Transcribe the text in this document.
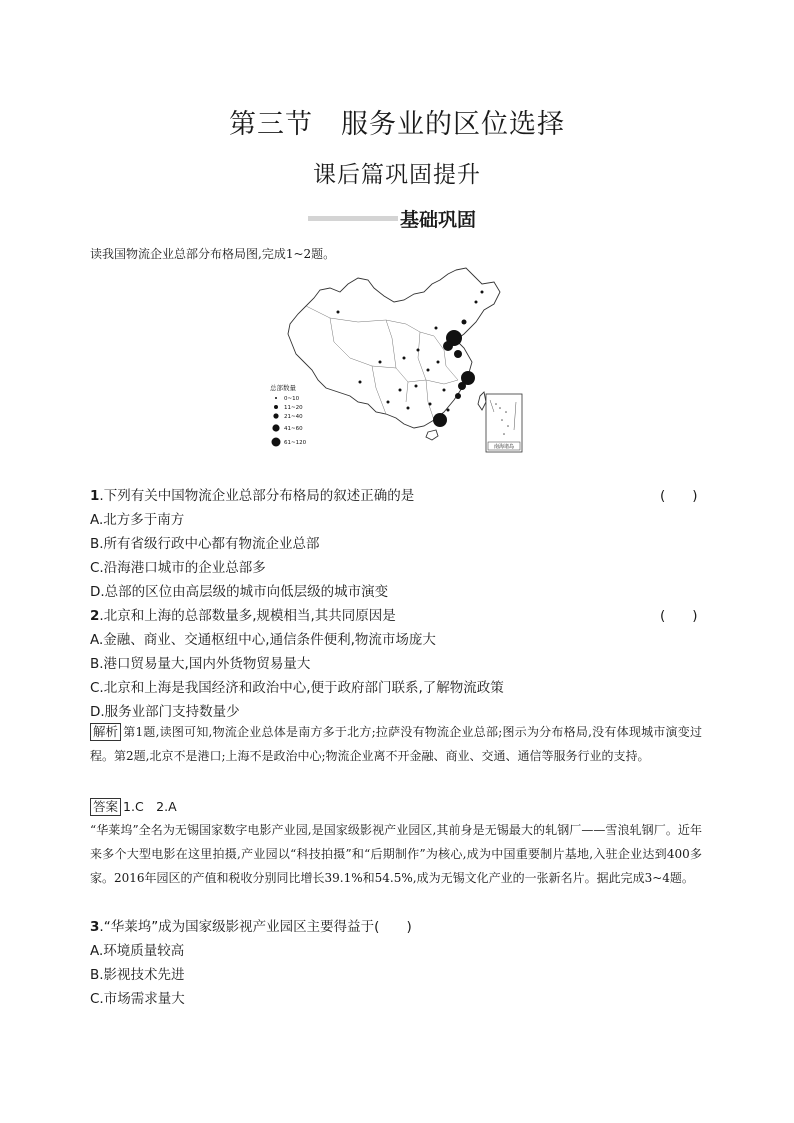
第三节　服务业的区位选择
课后篇巩固提升
基础巩固
读我国物流企业总部分布格局图,完成1~2题。
总部数量
0~10
11~20
21~40
41~60
61~120
南海诸岛
1.下列有关中国物流企业总部分布格局的叙述正确的是	(　　)
A.北方多于南方
B.所有省级行政中心都有物流企业总部
C.沿海港口城市的企业总部多
D.总部的区位由高层级的城市向低层级的城市演变
2.北京和上海的总部数量多,规模相当,其共同原因是	(　　)
A.金融、商业、交通枢纽中心,通信条件便利,物流市场庞大
B.港口贸易量大,国内外货物贸易量大
C.北京和上海是我国经济和政治中心,便于政府部门联系,了解物流政策
D.服务业部门支持数量少
解析 第1题,读图可知,物流企业总体是南方多于北方;拉萨没有物流企业总部;图示为分布格局,没有体现城市演变过程。第2题,北京不是港口;上海不是政治中心;物流企业离不开金融、商业、交通、通信等服务行业的支持。
答案 1.C　2.A
“华莱坞”全名为无锡国家数字电影产业园,是国家级影视产业园区,其前身是无锡最大的轧钢厂——雪浪轧钢厂。近年来多个大型电影在这里拍摄,产业园以“科技拍摄”和“后期制作”为核心,成为中国重要制片基地,入驻企业达到400多家。2016年园区的产值和税收分别同比增长39.1%和54.5%,成为无锡文化产业的一张新名片。据此完成3~4题。
3.“华莱坞”成为国家级影视产业园区主要得益于(　　)
A.环境质量较高
B.影视技术先进
C.市场需求量大
